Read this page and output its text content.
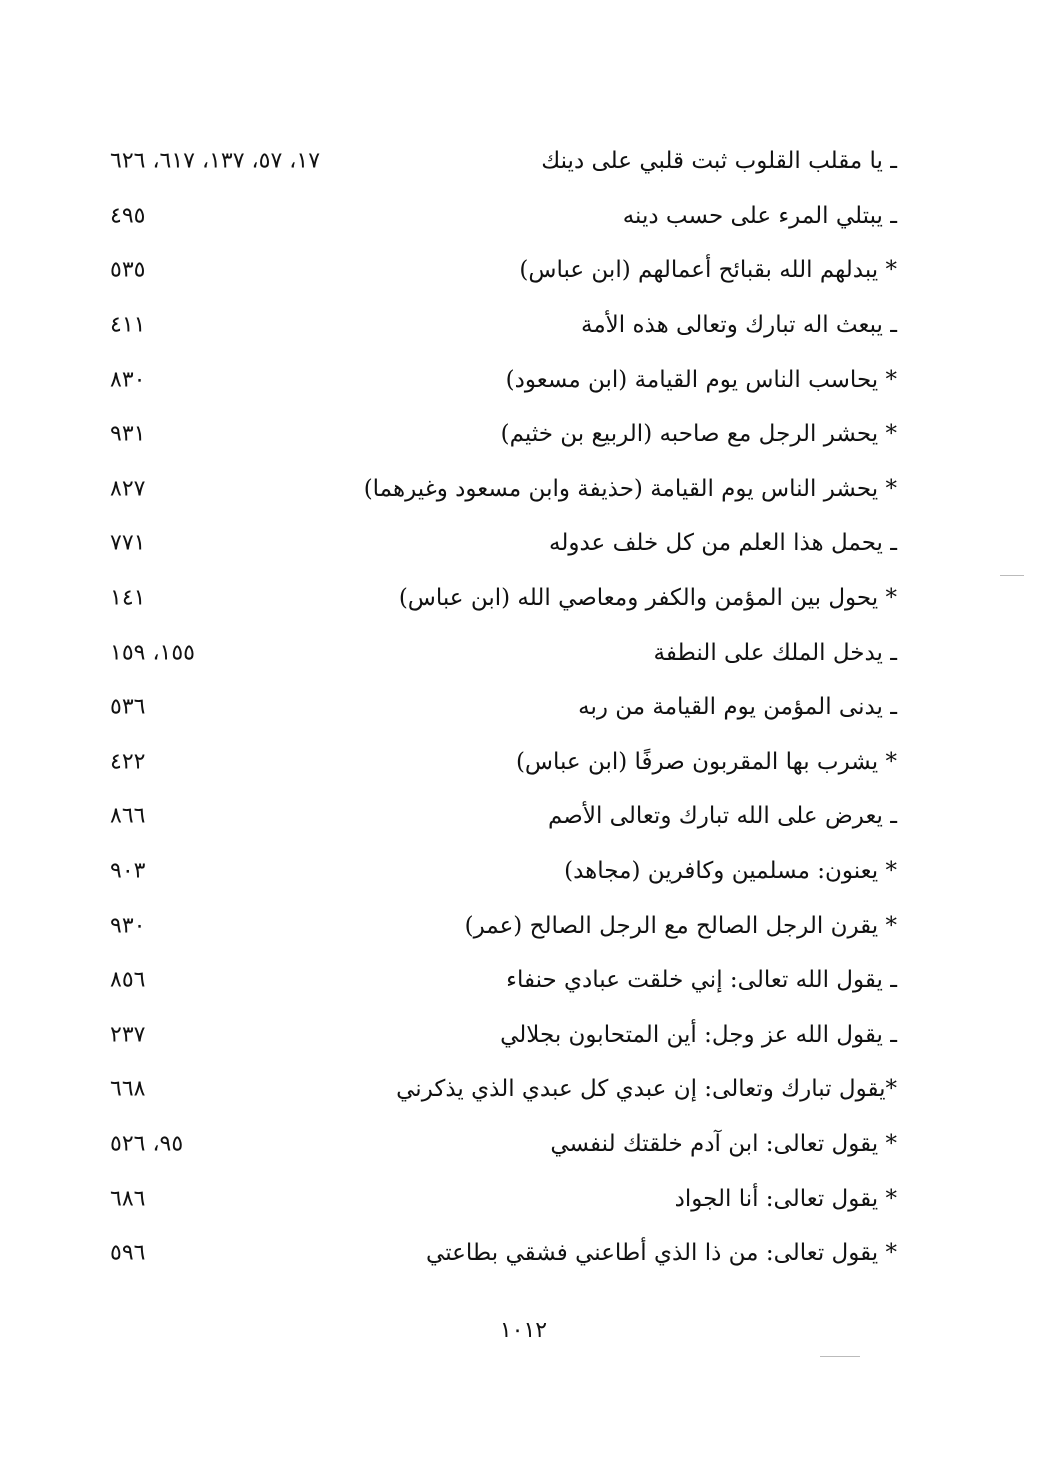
ـ يا مقلب القلوب ثبت قلبي على دينك
١٧، ٥٧، ١٣٧، ٦١٧، ٦٢٦
ـ يبتلي المرء على حسب دينه
٤٩٥
* يبدلهم الله بقبائح أعمالهم (ابن عباس)
٥٣٥
ـ يبعث اله تبارك وتعالى هذه الأمة
٤١١
* يحاسب الناس يوم القيامة (ابن مسعود)
٨٣٠
* يحشر الرجل مع صاحبه (الربيع بن خثيم)
٩٣١
* يحشر الناس يوم القيامة (حذيفة وابن مسعود وغيرهما)
٨٢٧
ـ يحمل هذا العلم من كل خلف عدوله
٧٧١
* يحول بين المؤمن والكفر ومعاصي الله (ابن عباس)
١٤١
ـ يدخل الملك على النطفة
١٥٥، ١٥٩
ـ يدنى المؤمن يوم القيامة من ربه
٥٣٦
* يشرب بها المقربون صرفًا (ابن عباس)
٤٢٢
ـ يعرض على الله تبارك وتعالى الأصم
٨٦٦
* يعنون: مسلمين وكافرين (مجاهد)
٩٠٣
* يقرن الرجل الصالح مع الرجل الصالح (عمر)
٩٣٠
ـ يقول الله تعالى: إني خلقت عبادي حنفاء
٨٥٦
ـ يقول الله عز وجل: أين المتحابون بجلالي
٢٣٧
*يقول تبارك وتعالى: إن عبدي كل عبدي الذي يذكرني
٦٦٨
* يقول تعالى: ابن آدم خلقتك لنفسي
٩٥، ٥٢٦
* يقول تعالى: أنا الجواد
٦٨٦
* يقول تعالى: من ذا الذي أطاعني فشقي بطاعتي
٥٩٦
١٠١٢
